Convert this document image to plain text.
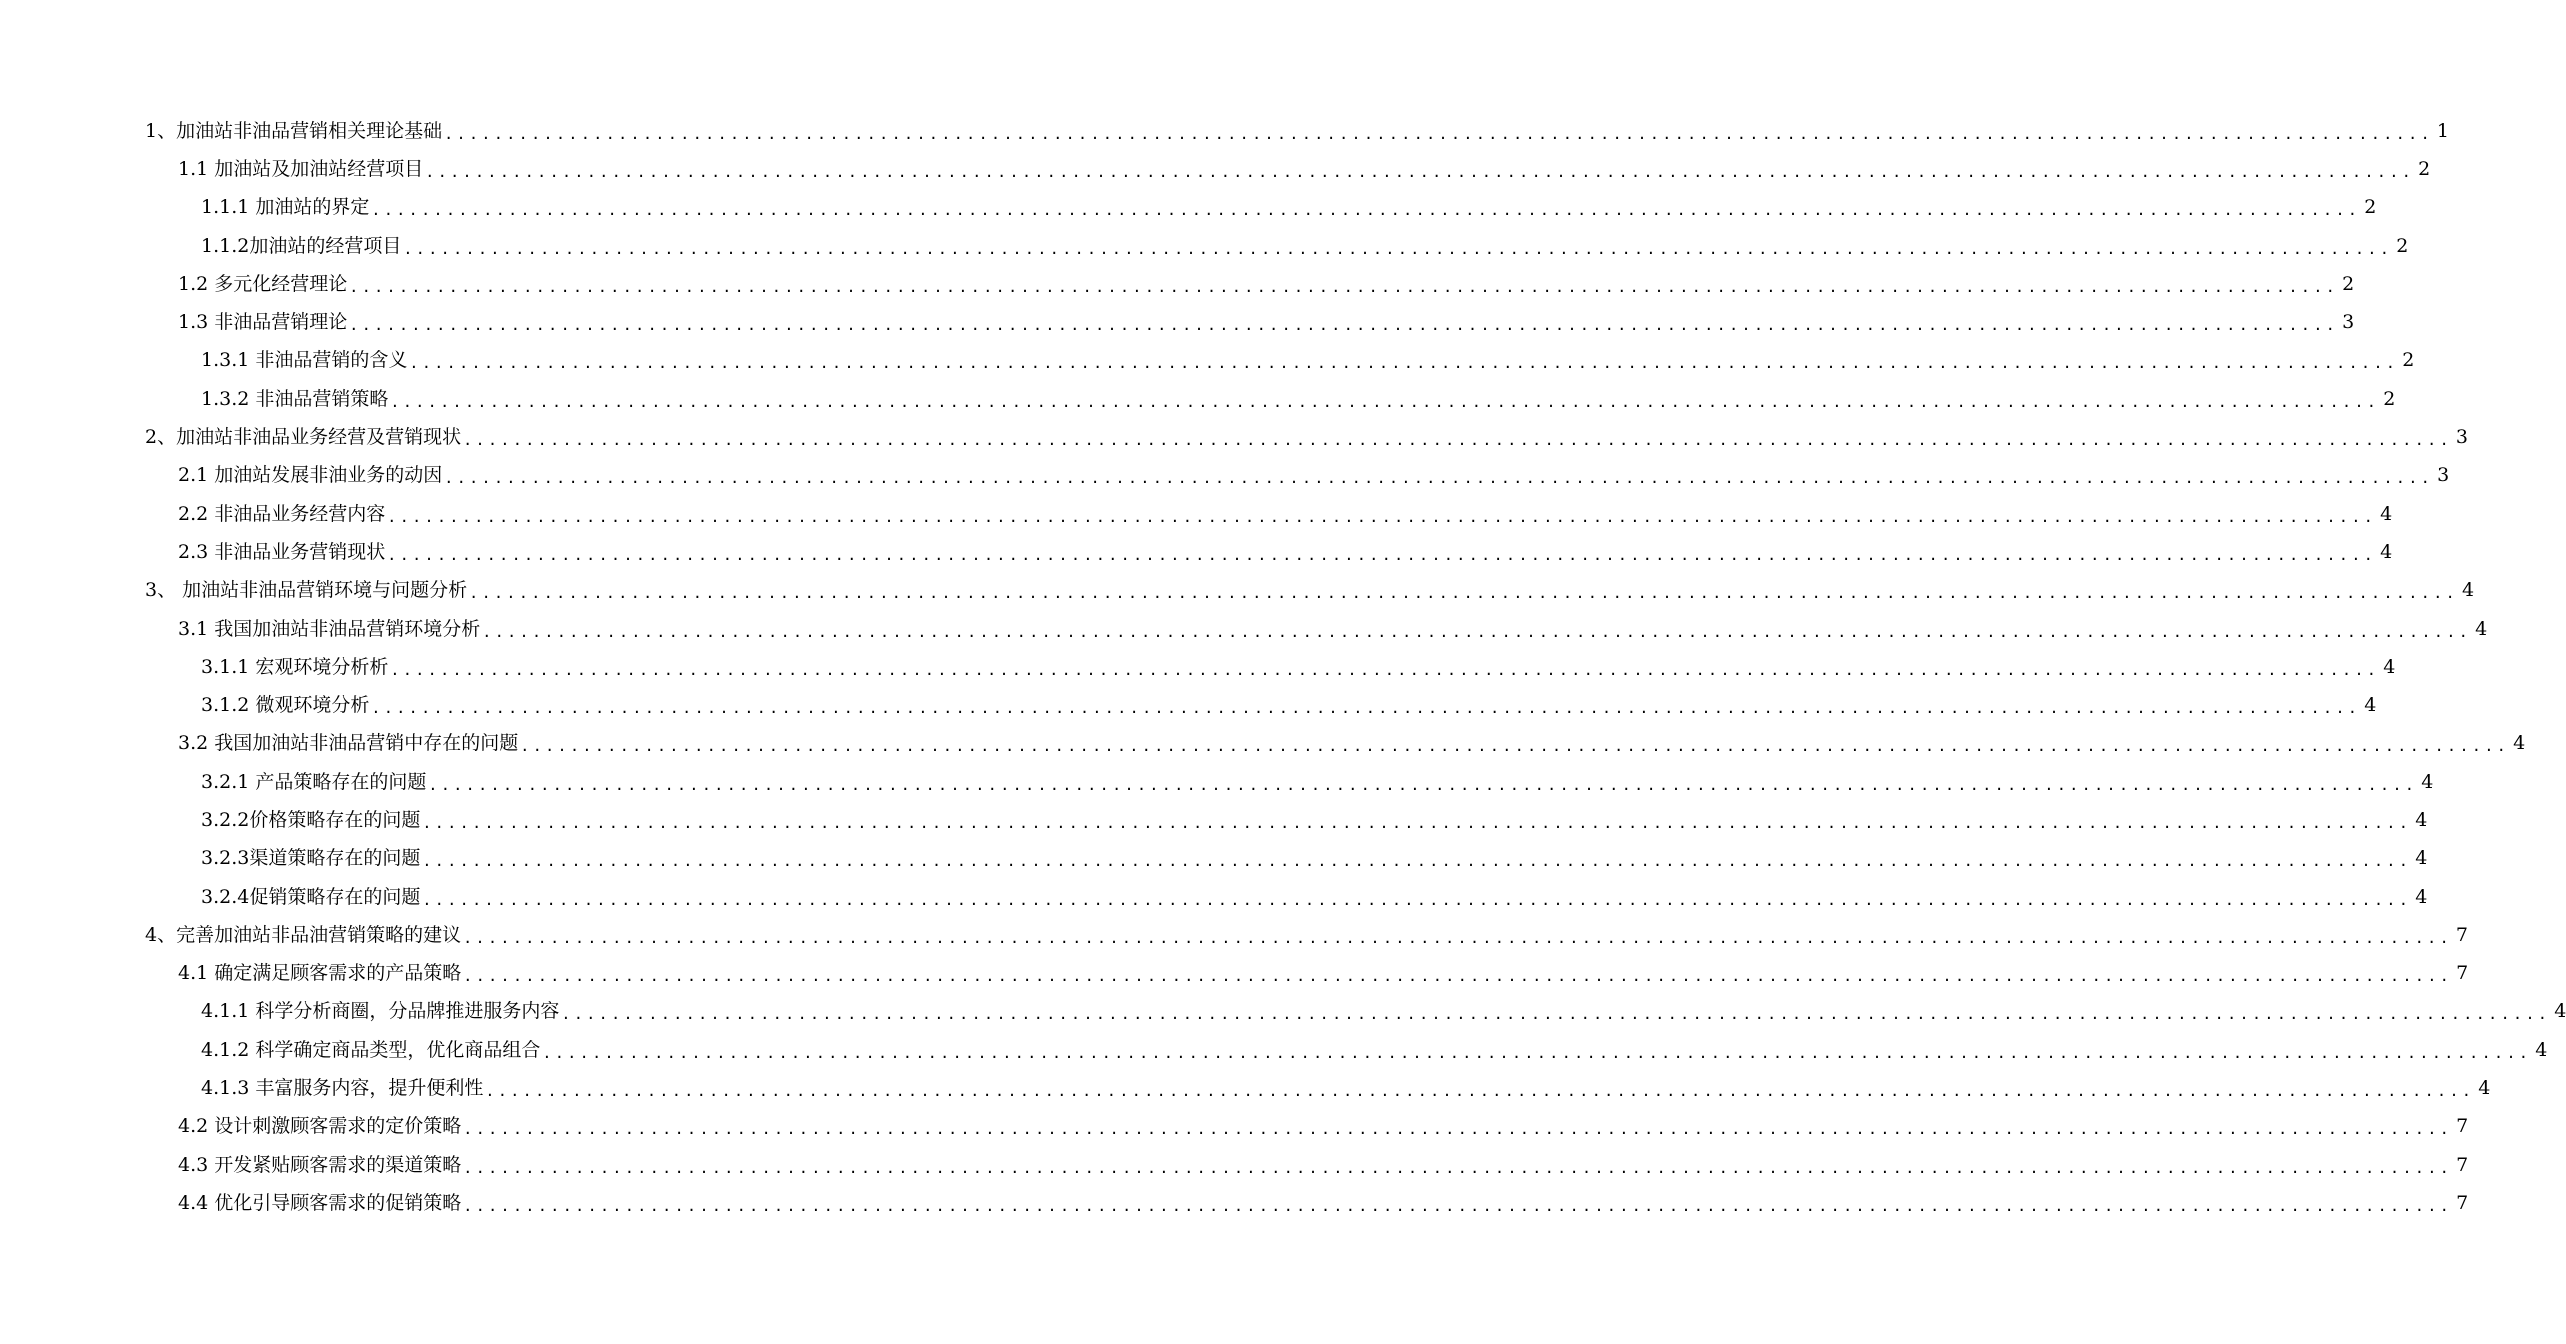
1、加油站非油品营销相关理论基础 .....	1
1.1 加油站及加油站经营项目 .....	2
1.1.1 加油站的界定 .....	2
1.1.2加油站的经营项目 .....	2
1.2 多元化经营理论 .....	2
1.3 非油品营销理论 .....	3
1.3.1 非油品营销的含义 .....	2
1.3.2 非油品营销策略 .....	2
2、加油站非油品业务经营及营销现状 .....	3
2.1 加油站发展非油业务的动因 .....	3
2.2 非油品业务经营内容 .....	4
2.3 非油品业务营销现状 .....	4
3、 加油站非油品营销环境与问题分析 .....	4
3.1 我国加油站非油品营销环境分析 .....	4
3.1.1 宏观环境分析析 .....	4
3.1.2 微观环境分析 .....	4
3.2 我国加油站非油品营销中存在的问题 .....	4
3.2.1 产品策略存在的问题 .....	4
3.2.2价格策略存在的问题 .....	4
3.2.3渠道策略存在的问题 .....	4
3.2.4促销策略存在的问题 .....	4
4、完善加油站非品油营销策略的建议 .....	7
4.1 确定满足顾客需求的产品策略 .....	7
4.1.1 科学分析商圈，分品牌推进服务内容 .....	4
4.1.2 科学确定商品类型，优化商品组合 .....	4
4.1.3 丰富服务内容，提升便利性 .....	4
4.2 设计刺激顾客需求的定价策略 .....	7
4.3 开发紧贴顾客需求的渠道策略 .....	7
4.4 优化引导顾客需求的促销策略 .....	7
